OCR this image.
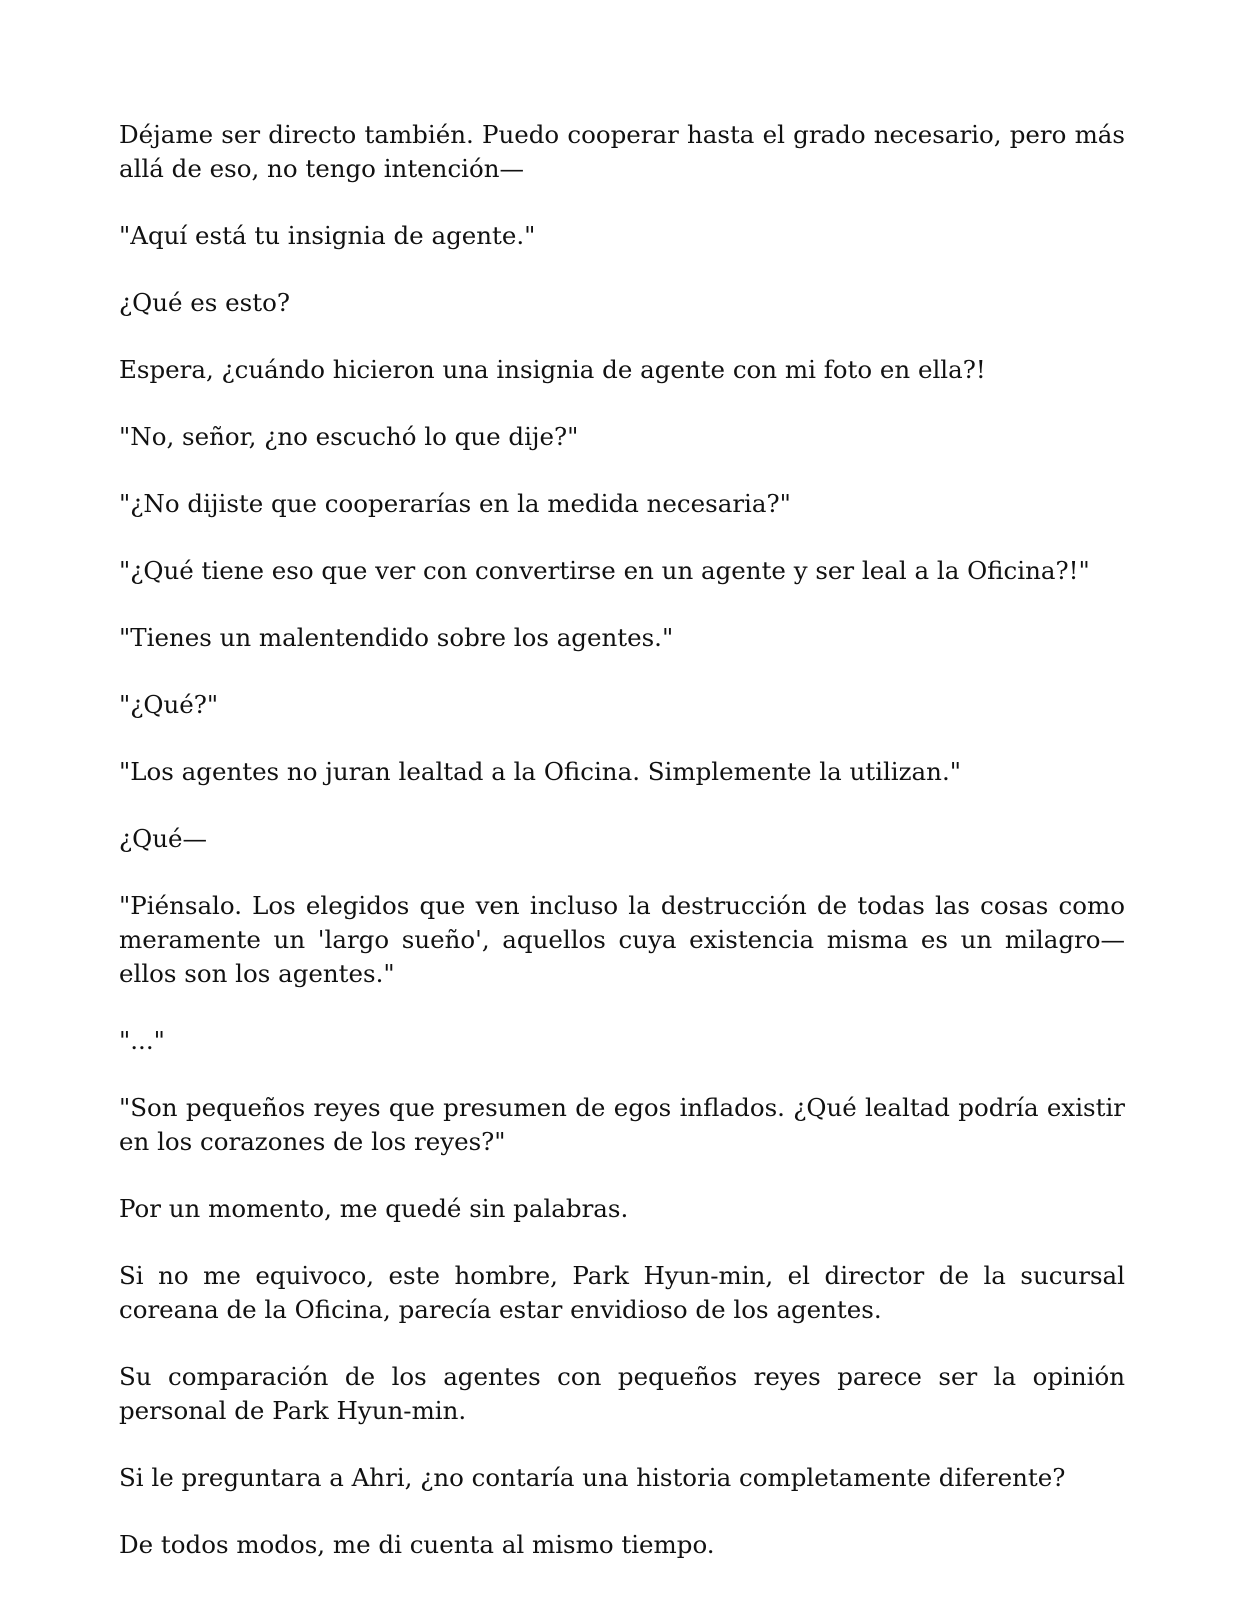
Déjame ser directo también. Puedo cooperar hasta el grado necesario, pero más allá de eso, no tengo intención—

"Aquí está tu insignia de agente."

¿Qué es esto?

Espera, ¿cuándo hicieron una insignia de agente con mi foto en ella?!

"No, señor, ¿no escuchó lo que dije?"

"¿No dijiste que cooperarías en la medida necesaria?"

"¿Qué tiene eso que ver con convertirse en un agente y ser leal a la Oficina?!"

"Tienes un malentendido sobre los agentes."

"¿Qué?"

"Los agentes no juran lealtad a la Oficina. Simplemente la utilizan."

¿Qué—

"Piénsalo. Los elegidos que ven incluso la destrucción de todas las cosas como meramente un 'largo sueño', aquellos cuya existencia misma es un milagro—ellos son los agentes."

"..."

"Son pequeños reyes que presumen de egos inflados. ¿Qué lealtad podría existir en los corazones de los reyes?"

Por un momento, me quedé sin palabras.

Si no me equivoco, este hombre, Park Hyun-min, el director de la sucursal coreana de la Oficina, parecía estar envidioso de los agentes.

Su comparación de los agentes con pequeños reyes parece ser la opinión personal de Park Hyun-min.

Si le preguntara a Ahri, ¿no contaría una historia completamente diferente?

De todos modos, me di cuenta al mismo tiempo.
